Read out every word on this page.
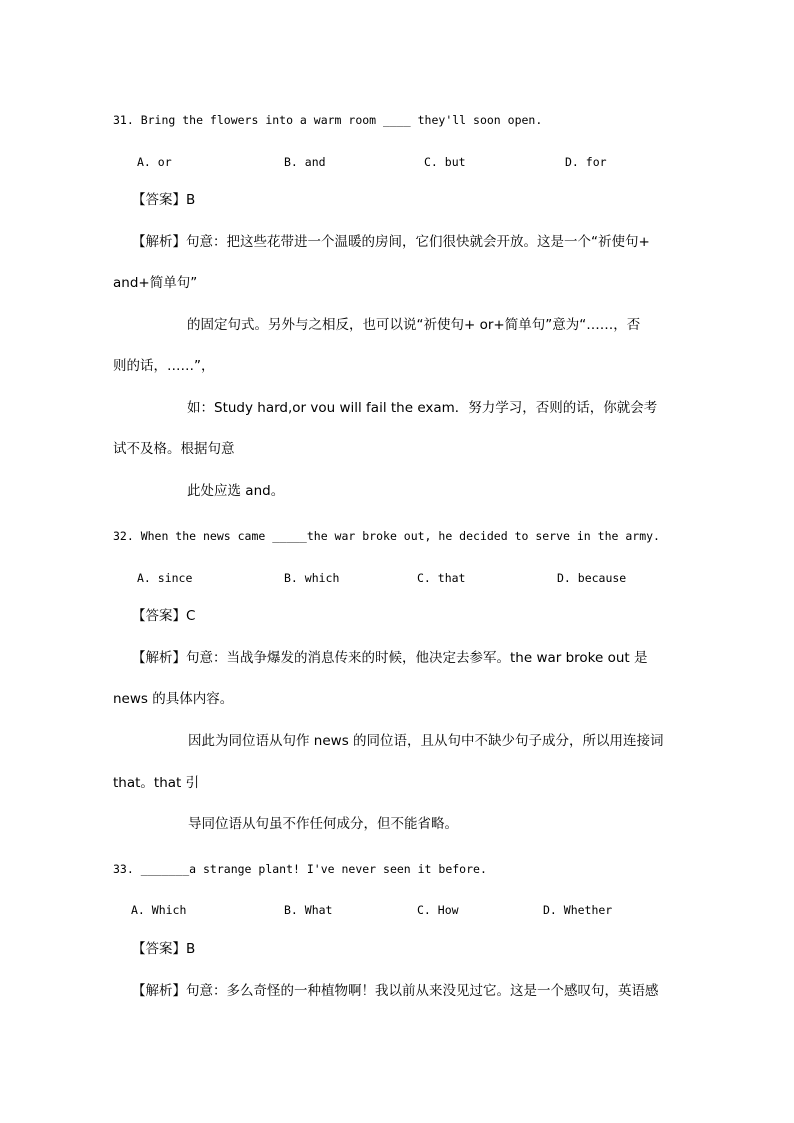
31. Bring the flowers into a warm room ____ they'll soon open.
A. or	B. and	C. but	D. for
【答案】B
【解析】句意：把这些花带进一个温暖的房间，它们很快就会开放。这是一个“祈使句+
and+简单句”
的固定句式。另外与之相反，也可以说“祈使句+ or+简单句”意为“……，否
则的话，……”，
如：Study hard,or vou will fail the exam．努力学习，否则的话，你就会考
试不及格。根据句意
此处应选 and。
32. When the news came _____the war broke out, he decided to serve in the army.
A. since	B. which	C. that	D. because
【答案】C
【解析】句意：当战争爆发的消息传来的时候，他决定去参军。the war broke out 是
news 的具体内容。
因此为同位语从句作 news 的同位语，且从句中不缺少句子成分，所以用连接词
that。that 引
导同位语从句虽不作任何成分，但不能省略。
33. _______a strange plant! I've never seen it before.
A. Which	B. What	C. How	D. Whether
【答案】B
【解析】句意：多么奇怪的一种植物啊！我以前从来没见过它。这是一个感叹句，英语感
